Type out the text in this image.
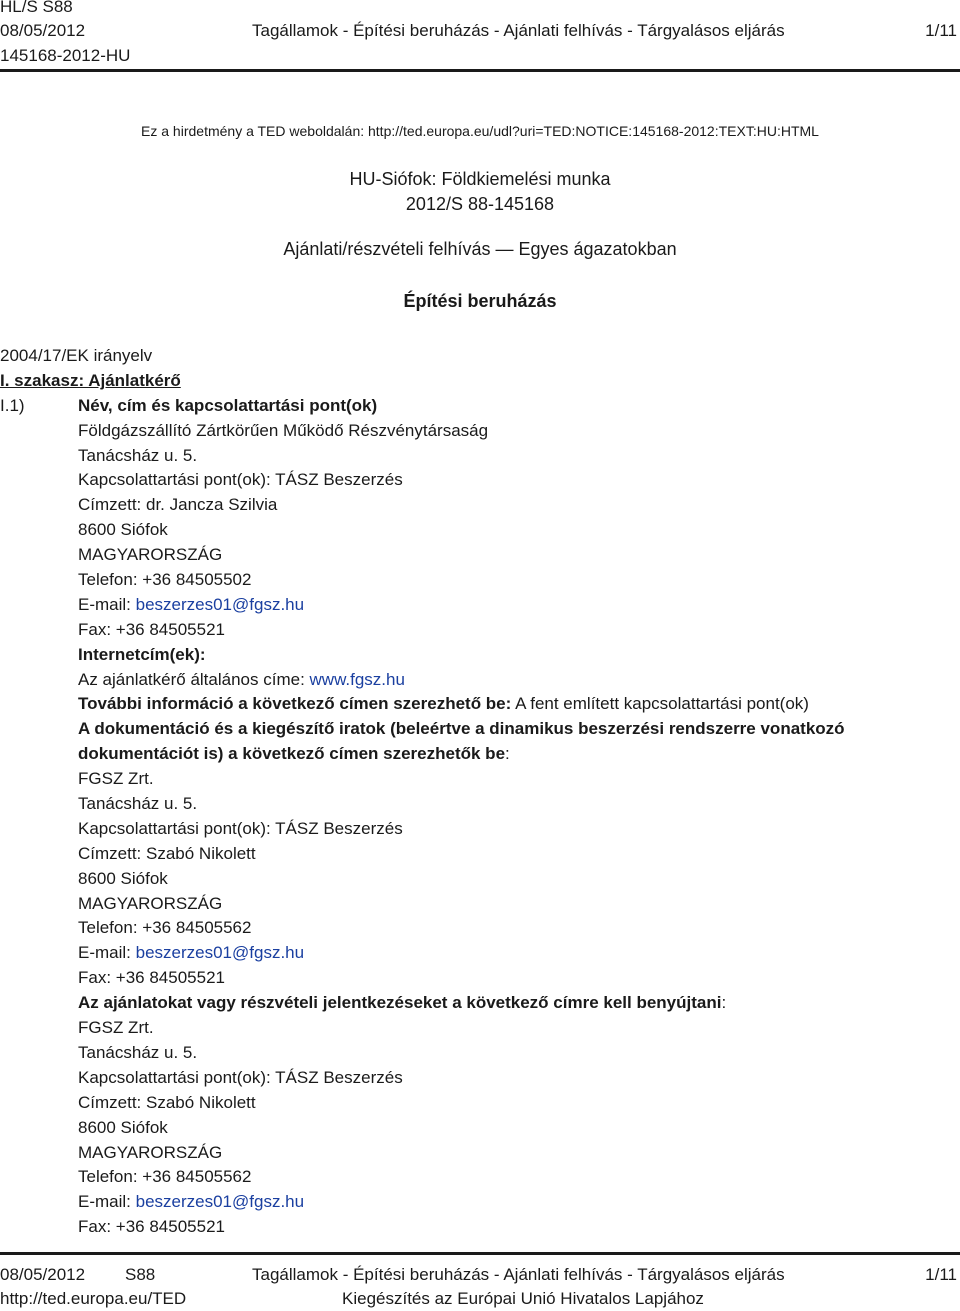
HL/S S88
08/05/2012	Tagállamok - Építési beruházás - Ajánlati felhívás - Tárgyalásos eljárás	1/11
145168-2012-HU
Ez a hirdetmény a TED weboldalán: http://ted.europa.eu/udl?uri=TED:NOTICE:145168-2012:TEXT:HU:HTML
HU-Siófok: Földkiemelési munka
2012/S 88-145168
Ajánlati/részvételi felhívás — Egyes ágazatokban
Építési beruházás
2004/17/EK irányelv
I. szakasz: Ajánlatkérő
I.1)	Név, cím és kapcsolattartási pont(ok)
Földgázszállító Zártkörűen Működő Részvénytársaság
Tanácsház u. 5.
Kapcsolattartási pont(ok): TÁSZ Beszerzés
Címzett: dr. Jancza Szilvia
8600 Siófok
MAGYARORSZÁG
Telefon: +36 84505502
E-mail: beszerzes01@fgsz.hu
Fax: +36 84505521
Internetcím(ek):
Az ajánlatkérő általános címe: www.fgsz.hu
További információ a következő címen szerezhető be: A fent említett kapcsolattartási pont(ok)
A dokumentáció és a kiegészítő iratok (beleértve a dinamikus beszerzési rendszerre vonatkozó
dokumentációt is) a következő címen szerezhetők be:
FGSZ Zrt.
Tanácsház u. 5.
Kapcsolattartási pont(ok): TÁSZ Beszerzés
Címzett: Szabó Nikolett
8600 Siófok
MAGYARORSZÁG
Telefon: +36 84505562
E-mail: beszerzes01@fgsz.hu
Fax: +36 84505521
Az ajánlatokat vagy részvételi jelentkezéseket a következő címre kell benyújtani:
FGSZ Zrt.
Tanácsház u. 5.
Kapcsolattartási pont(ok): TÁSZ Beszerzés
Címzett: Szabó Nikolett
8600 Siófok
MAGYARORSZÁG
Telefon: +36 84505562
E-mail: beszerzes01@fgsz.hu
Fax: +36 84505521
08/05/2012 S88	Tagállamok - Építési beruházás - Ajánlati felhívás - Tárgyalásos eljárás	1/11
http://ted.europa.eu/TED	Kiegészítés az Európai Unió Hivatalos Lapjához
